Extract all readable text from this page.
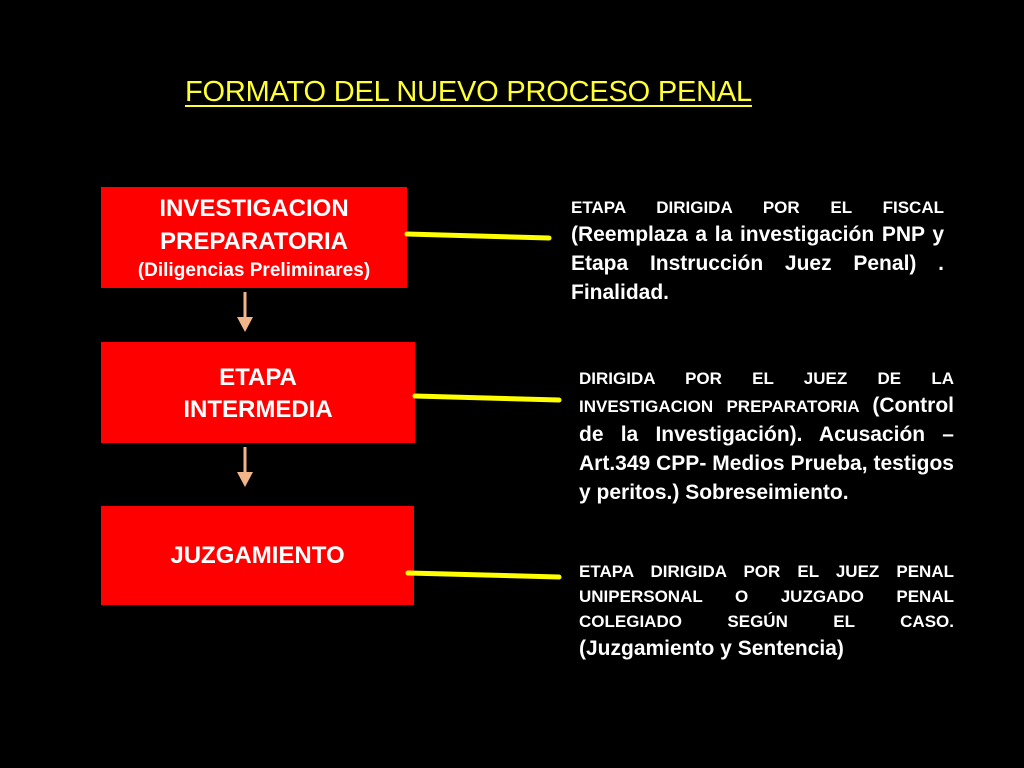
FORMATO DEL NUEVO PROCESO PENAL
INVESTIGACION
PREPARATORIA
(Diligencias Preliminares)
ETAPA
INTERMEDIA
JUZGAMIENTO
ETAPA DIRIGIDA POR EL FISCAL (Reemplaza a la investigación PNP y Etapa Instrucción Juez Penal) . Finalidad.
DIRIGIDA POR EL JUEZ DE LA INVESTIGACION PREPARATORIA (Control de la Investigación). Acusación – Art.349 CPP- Medios Prueba, testigos y peritos.) Sobreseimiento.
ETAPA DIRIGIDA POR EL JUEZ PENAL UNIPERSONAL O JUZGADO PENAL COLEGIADO SEGÚN EL CASO. (Juzgamiento y Sentencia)
